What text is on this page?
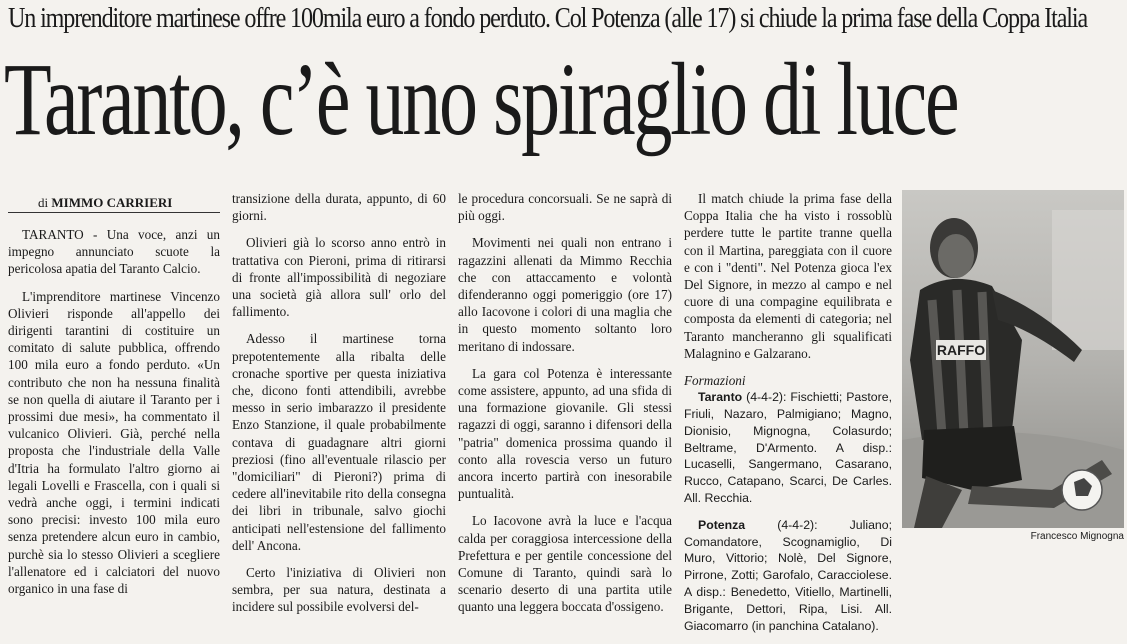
Un imprenditore martinese offre 100mila euro a fondo perduto. Col Potenza (alle 17) si chiude la prima fase della Coppa Italia
Taranto, c’è uno spiraglio di luce
di MIMMO CARRIERI

TARANTO - Una voce, anzi un impegno annunciato scuote la pericolosa apatia del Taranto Calcio.

L'imprenditore martinese Vincenzo Olivieri risponde all'appello dei dirigenti tarantini di costituire un comitato di salute pubblica, offrendo 100 mila euro a fondo perduto. «Un contributo che non ha nessuna finalità se non quella di aiutare il Taranto per i prossimi due mesi», ha commentato il vulcanico Olivieri. Già, perché nella proposta che l'industriale della Valle d'Itria ha formulato l'altro giorno ai legali Lovelli e Frascella, con i quali si vedrà anche oggi, i termini indicati sono precisi: investo 100 mila euro senza pretendere alcun euro in cambio, purchè sia lo stesso Olivieri a scegliere l'allenatore ed i calciatori del nuovo organico in una fase di

transizione della durata, appunto, di 60 giorni.

Olivieri già lo scorso anno entrò in trattativa con Pieroni, prima di ritirarsi di fronte all'impossibilità di negoziare una società già allora sull' orlo del fallimento.

Adesso il martinese torna prepotentemente alla ribalta delle cronache sportive per questa iniziativa che, dicono fonti attendibili, avrebbe messo in serio imbarazzo il presidente Enzo Stanzione, il quale probabilmente contava di guadagnare altri giorni preziosi (fino all'eventuale rilascio per "domiciliari" di Pieroni?) prima di cedere all'inevitabile rito della consegna dei libri in tribunale, salvo giochi anticipati nell'estensione del fallimento dell' Ancona.

Certo l'iniziativa di Olivieri non sembra, per sua natura, destinata a incidere sul possibile evolversi del-

le procedura concorsuali. Se ne saprà di più oggi.

Movimenti nei quali non entrano i ragazzini allenati da Mimmo Recchia che con attaccamento e volontà difenderanno oggi pomeriggio (ore 17) allo Iacovone i colori di una maglia che in questo momento soltanto loro meritano di indossare.

La gara col Potenza è interessante come assistere, appunto, ad una sfida di una formazione giovanile. Gli stessi ragazzi di oggi, saranno i difensori della "patria" domenica prossima quando il conto alla rovescia verso un futuro ancora incerto partirà con inesorabile puntualità.

Lo Iacovone avrà la luce e l'acqua calda per coraggiosa intercessione della Prefettura e per gentile concessione del Comune di Taranto, quindi sarà lo scenario deserto di una partita utile quanto una leggera boccata d'ossigeno.

Il match chiude la prima fase della Coppa Italia che ha visto i rossoblù perdere tutte le partite tranne quella con il Martina, pareggiata con il cuore e con i "denti". Nel Potenza gioca l'ex Del Signore, in mezzo al campo e nel cuore di una compagine equilibrata e composta da elementi di categoria; nel Taranto mancheranno gli squalificati Malagnino e Galzarano.

Formazioni

Taranto (4-4-2): Fischietti; Pastore, Friuli, Nazaro, Palmigiano; Magno, Dionisio, Mignogna, Colasurdo; Beltrame, D'Armento. A disp.: Lucaselli, Sangermano, Casarano, Rucco, Catapano, Scarci, De Carles. All. Recchia.

Potenza	(4-4-2): Juliano; Comandatore, Scognamiglio, Di Muro, Vittorio; Nolè, Del Signore, Pirrone, Zotti; Garofalo, Caracciolese. A disp.: Benedetto, Vitiello, Martinelli, Brigante, Dettori, Ripa, Lisi. All. Giacomarro (in panchina Catalano).

RAFFO
Francesco Mignogna
